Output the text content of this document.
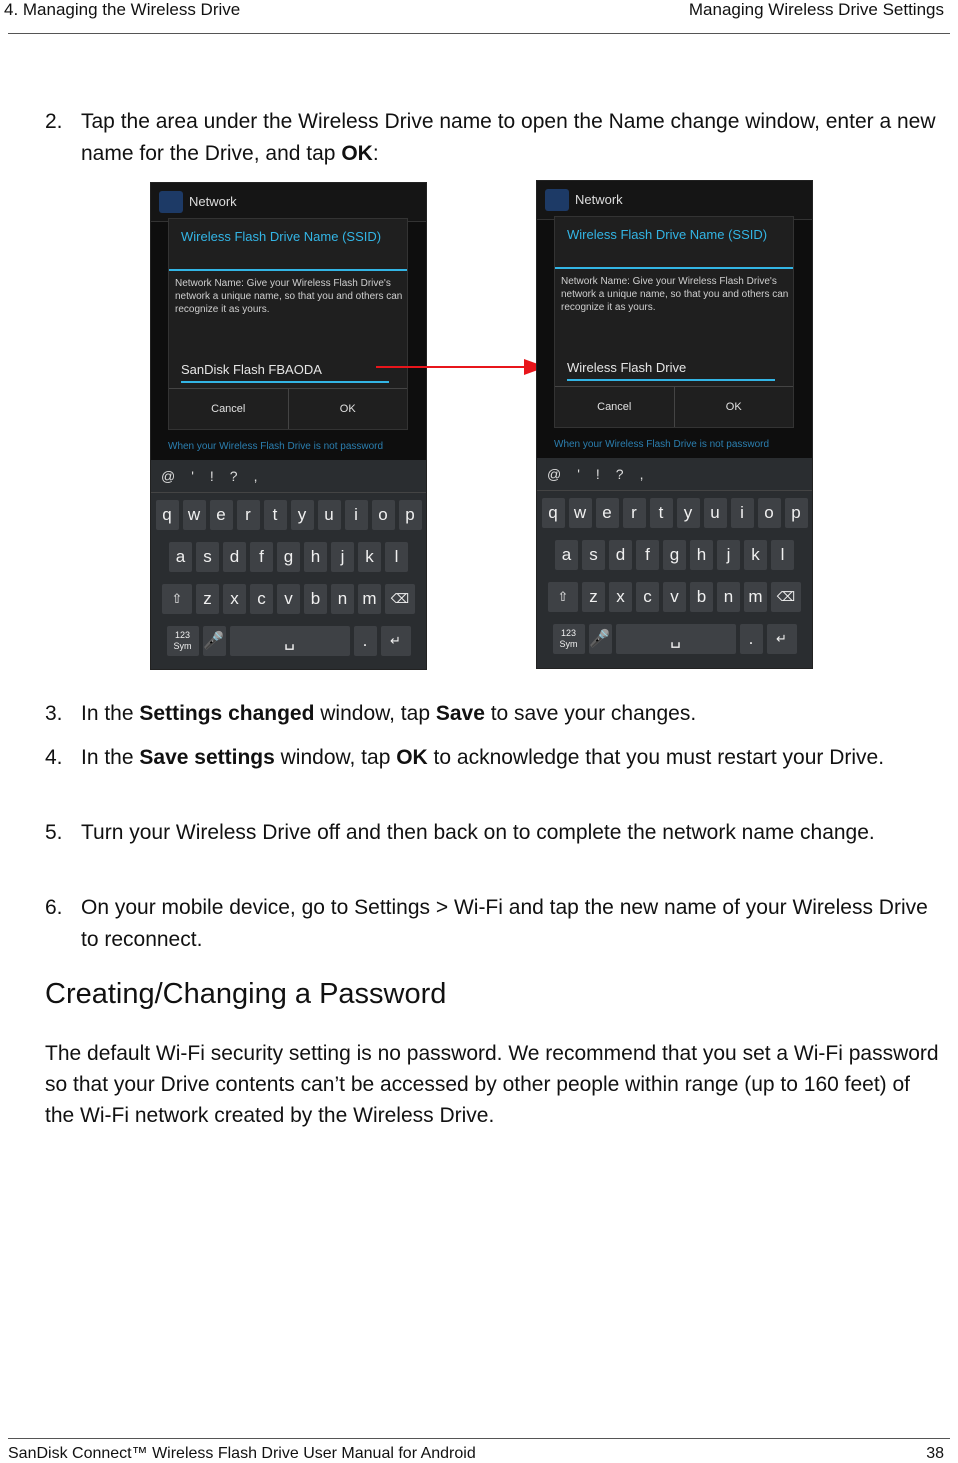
4. Managing the Wireless Drive	Managing Wireless Drive Settings
2. Tap the area under the Wireless Drive name to open the Name change window, enter a new name for the Drive, and tap OK:
Network
When your Wireless Flash Drive is not password
Wireless Flash Drive Name (SSID)
Network Name: Give your Wireless Flash Drive's network a unique name, so that you and others can recognize it as yours.
SanDisk Flash FBAODA
Cancel	OK
@ ' ! ? ,
q w e	r	t	y	u	i	o	p
a	s	d	f	g	h	j	k	l
⇧	z	x	c	v	b	n m	⌫
123 Sym 🎤	␣	.	↵
Network
When your Wireless Flash Drive is not password
Wireless Flash Drive Name (SSID)
Network Name: Give your Wireless Flash Drive's network a unique name, so that you and others can recognize it as yours.
Wireless Flash Drive
Cancel	OK
@ ' ! ? ,
q w e	r	t	y	u	i	o	p
a	s	d	f	g	h	j	k	l
⇧	z	x	c	v	b	n m	⌫
123 Sym 🎤	␣	.	↵
3. In the Settings changed window, tap Save to save your changes.
4. In the Save settings window, tap OK to acknowledge that you must restart your Drive.
5. Turn your Wireless Drive off and then back on to complete the network name change.
6. On your mobile device, go to Settings > Wi-Fi and tap the new name of your Wireless Drive to reconnect.
Creating/Changing a Password

The default Wi-Fi security setting is no password. We recommend that you set a Wi-Fi password so that your Drive contents can’t be accessed by other people within range (up to 160 feet) of the Wi-Fi network created by the Wireless Drive.

SanDisk Connect™ Wireless Flash Drive User Manual for Android	38
